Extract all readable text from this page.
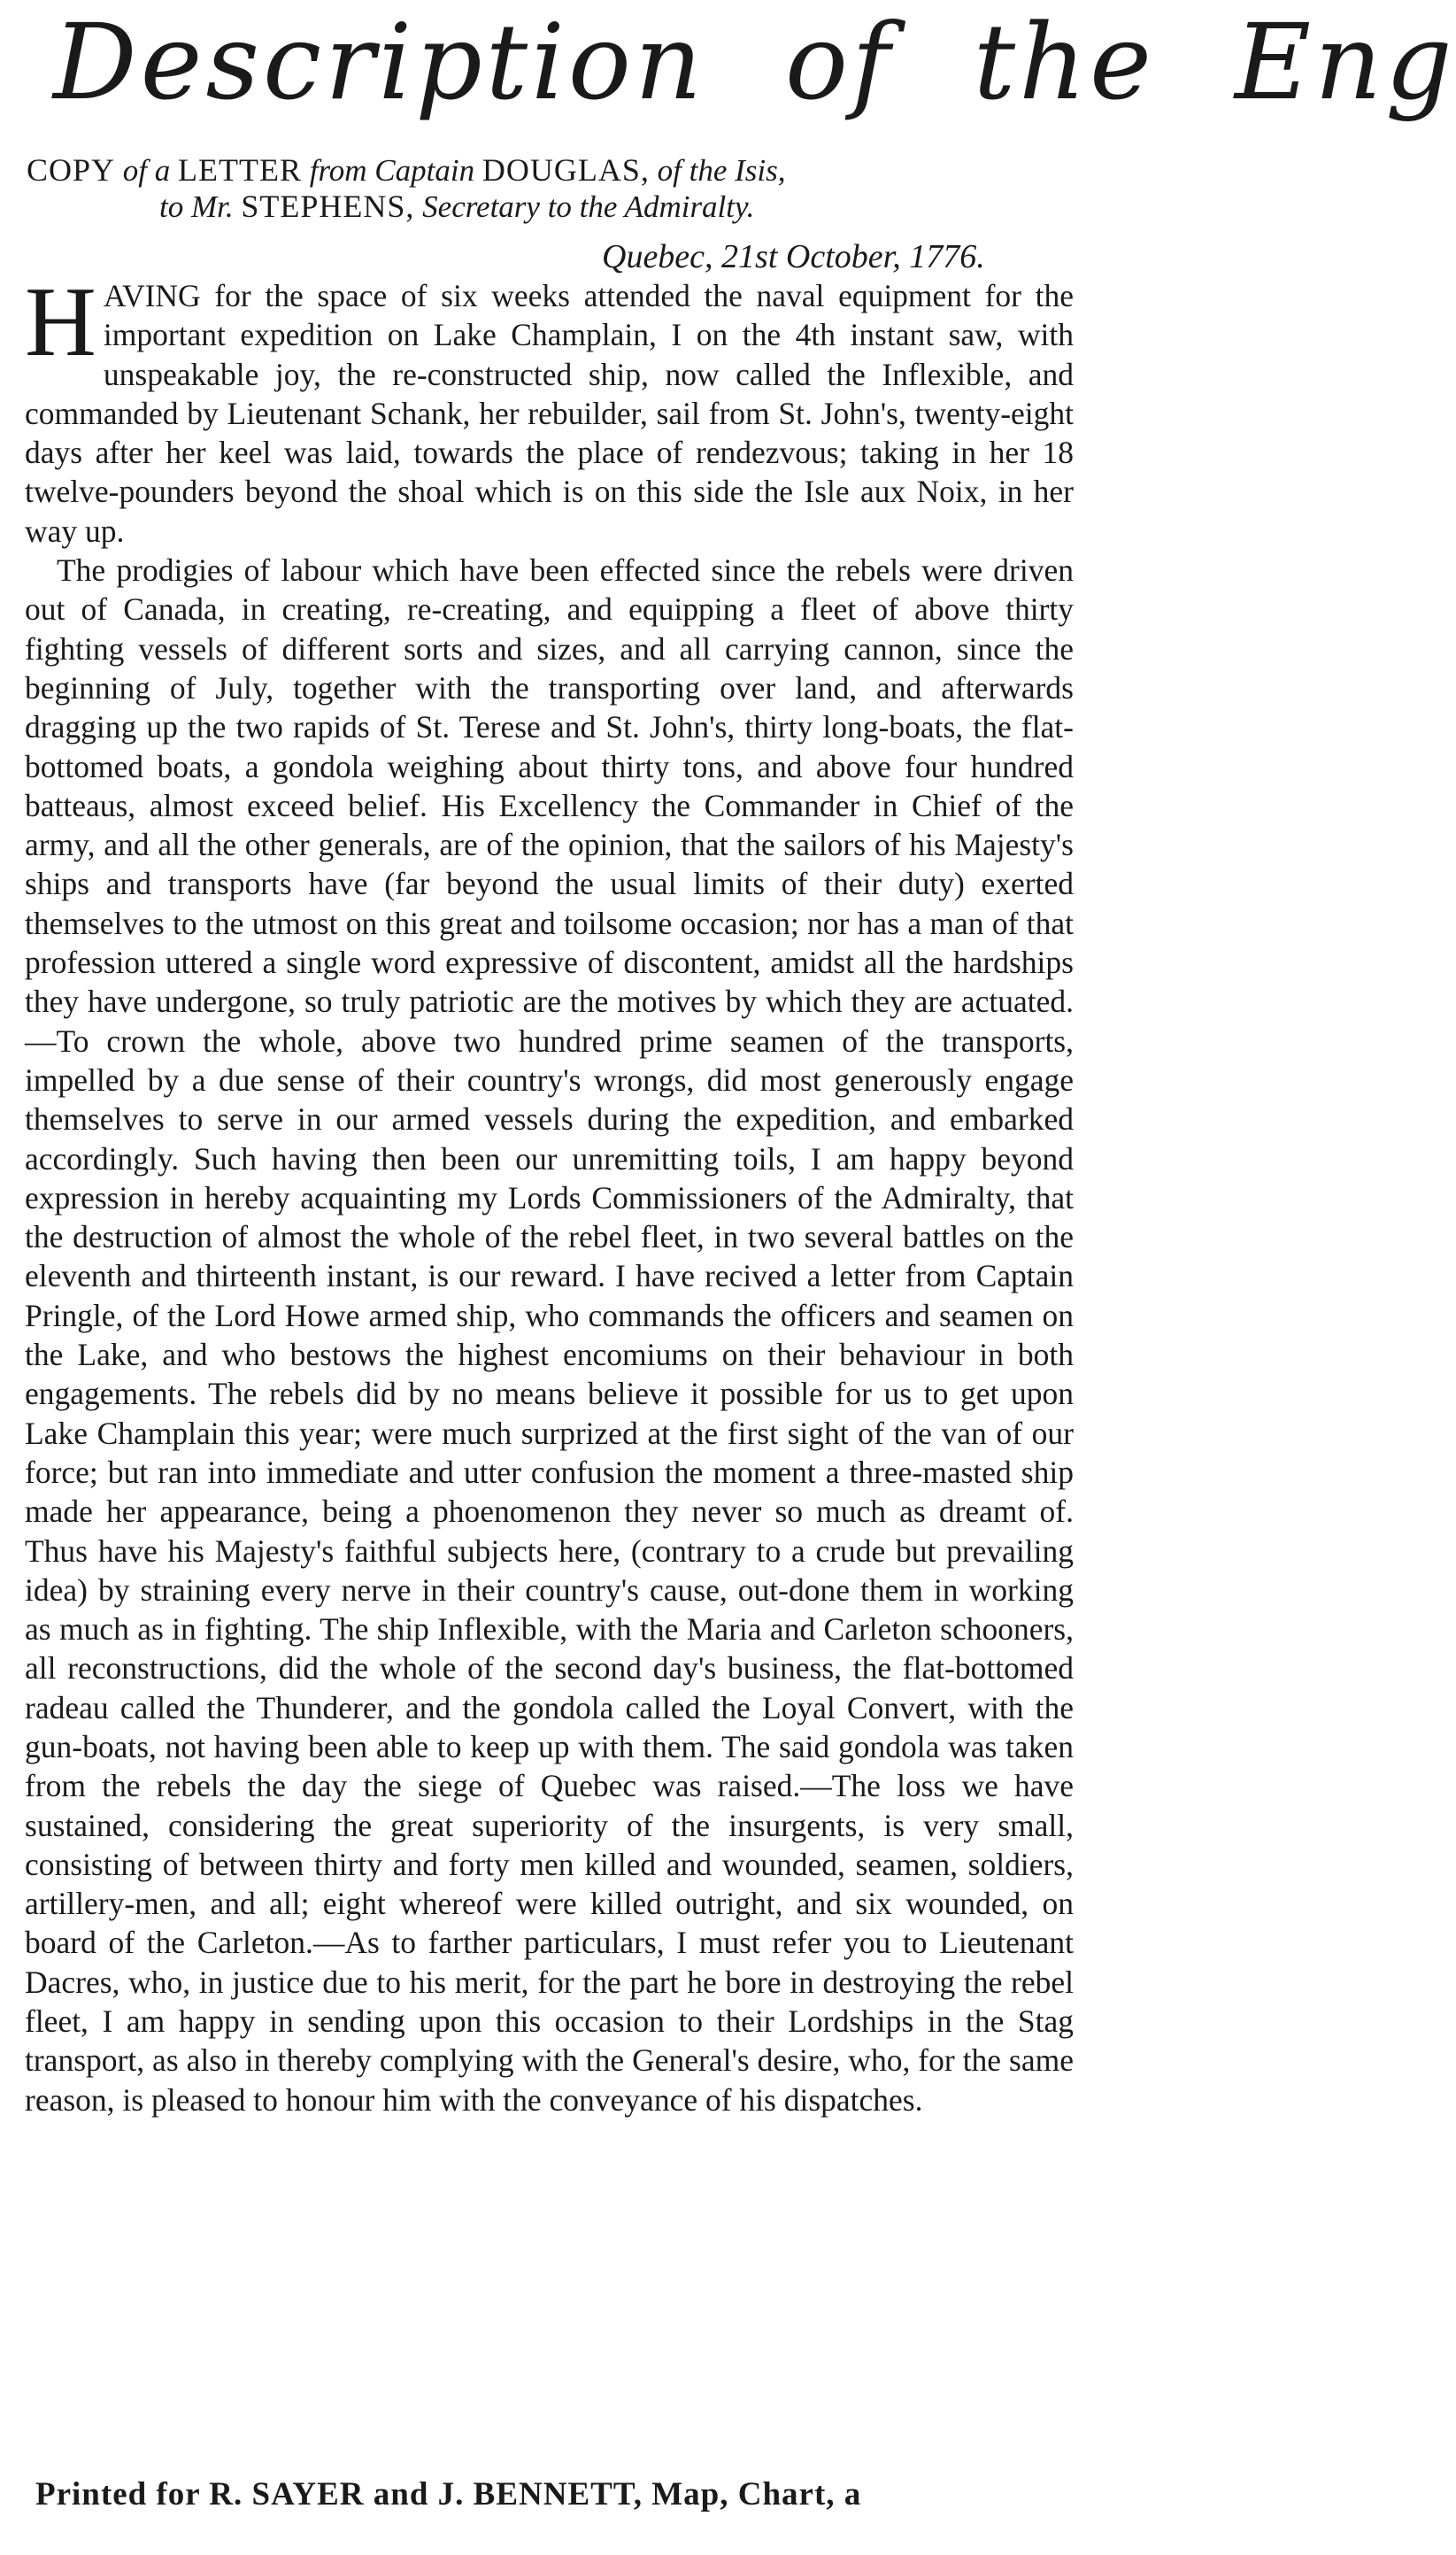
Description of the Eng
COPY of a LETTER from Captain DOUGLAS, of the Isis,
to Mr. STEPHENS, Secretary to the Admiralty.
Quebec, 21st October, 1776.

HAVING for the space of six weeks attended the naval equipment for the important expedition on Lake Champlain, I on the 4th instant saw, with unspeakable joy, the re-constructed ship, now called the Inflexible, and commanded by Lieutenant Schank, her rebuilder, sail from St. John's, twenty-eight days after her keel was laid, towards the place of rendezvous; taking in her 18 twelve-pounders beyond the shoal which is on this side the Isle aux Noix, in her way up.

The prodigies of labour which have been effected since the rebels were driven out of Canada, in creating, re-creating, and equipping a fleet of above thirty fighting vessels of different sorts and sizes, and all carrying cannon, since the beginning of July, together with the transporting over land, and afterwards dragging up the two rapids of St. Terese and St. John's, thirty long-boats, the flat-bottomed boats, a gondola weighing about thirty tons, and above four hundred batteaus, almost exceed belief. His Excellency the Commander in Chief of the army, and all the other generals, are of the opinion, that the sailors of his Majesty's ships and transports have (far beyond the usual limits of their duty) exerted themselves to the utmost on this great and toilsome occasion; nor has a man of that profession uttered a single word expressive of discontent, amidst all the hardships they have undergone, so truly patriotic are the motives by which they are actuated.—To crown the whole, above two hundred prime seamen of the transports, impelled by a due sense of their country's wrongs, did most generously engage themselves to serve in our armed vessels during the expedition, and embarked accordingly. Such having then been our unremitting toils, I am happy beyond expression in hereby acquainting my Lords Commissioners of the Admiralty, that the destruction of almost the whole of the rebel fleet, in two several battles on the eleventh and thirteenth instant, is our reward. I have recived a letter from Captain Pringle, of the Lord Howe armed ship, who commands the officers and seamen on the Lake, and who bestows the highest encomiums on their behaviour in both engagements. The rebels did by no means believe it possible for us to get upon Lake Champlain this year; were much surprized at the first sight of the van of our force; but ran into immediate and utter confusion the moment a three-masted ship made her appearance, being a phoenomenon they never so much as dreamt of. Thus have his Majesty's faithful subjects here, (contrary to a crude but prevailing idea) by straining every nerve in their country's cause, out-done them in working as much as in fighting. The ship Inflexible, with the Maria and Carleton schooners, all reconstructions, did the whole of the second day's business, the flat-bottomed radeau called the Thunderer, and the gondola called the Loyal Convert, with the gun-boats, not having been able to keep up with them. The said gondola was taken from the rebels the day the siege of Quebec was raised.—The loss we have sustained, considering the great superiority of the insurgents, is very small, consisting of between thirty and forty men killed and wounded, seamen, soldiers, artillery-men, and all; eight whereof were killed outright, and six wounded, on board of the Carleton.—As to farther particulars, I must refer you to Lieutenant Dacres, who, in justice due to his merit, for the part he bore in destroying the rebel fleet, I am happy in sending upon this occasion to their Lordships in the Stag transport, as also in thereby complying with the General's desire, who, for the same reason, is pleased to honour him with the conveyance of his dispatches.

Printed for R. SAYER and J. BENNETT, Map, Chart, a
